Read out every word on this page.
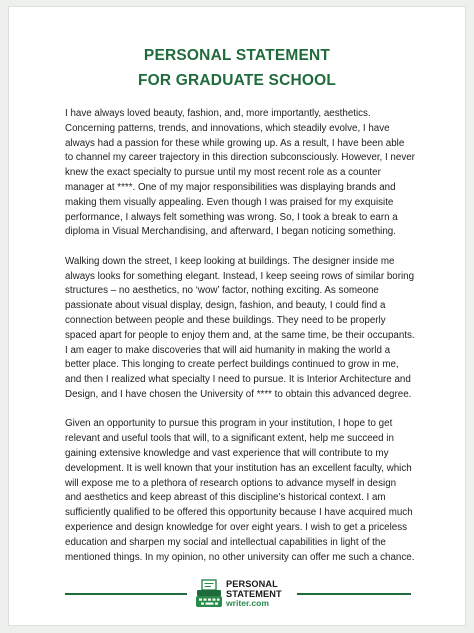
PERSONAL STATEMENT
FOR GRADUATE SCHOOL

I have always loved beauty, fashion, and, more importantly, aesthetics. Concerning patterns, trends, and innovations, which steadily evolve, I have always had a passion for these while growing up. As a result, I have been able to channel my career trajectory in this direction subconsciously. However, I never knew the exact specialty to pursue until my most recent role as a counter manager at ****. One of my major responsibilities was displaying brands and making them visually appealing. Even though I was praised for my exquisite performance, I always felt something was wrong. So, I took a break to earn a diploma in Visual Merchandising, and afterward, I began noticing something.

Walking down the street, I keep looking at buildings. The designer inside me always looks for something elegant. Instead, I keep seeing rows of similar boring structures – no aesthetics, no ‘wow’ factor, nothing exciting. As someone passionate about visual display, design, fashion, and beauty, I could find a connection between people and these buildings. They need to be properly spaced apart for people to enjoy them and, at the same time, be their occupants. I am eager to make discoveries that will aid humanity in making the world a better place. This longing to create perfect buildings continued to grow in me, and then I realized what specialty I need to pursue. It is Interior Architecture and Design, and I have chosen the University of **** to obtain this advanced degree.

Given an opportunity to pursue this program in your institution, I hope to get relevant and useful tools that will, to a significant extent, help me succeed in gaining extensive knowledge and vast experience that will contribute to my development. It is well known that your institution has an excellent faculty, which will expose me to a plethora of research options to advance myself in design and aesthetics and keep abreast of this discipline’s historical context. I am sufficiently qualified to be offered this opportunity because I have acquired much experience and design knowledge for over eight years. I wish to get a priceless education and sharpen my social and intellectual capabilities in light of the mentioned things. In my opinion, no other university can offer me such a chance.

PERSONAL
STATEMENT
writer.com
